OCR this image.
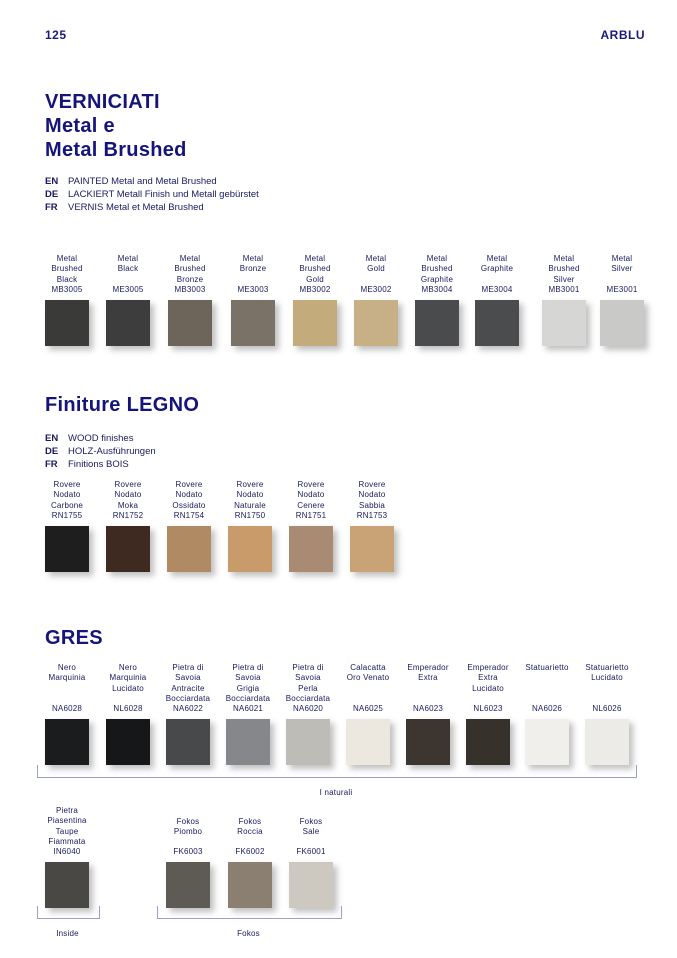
125	ARBLU
VERNICIATI
Metal e
Metal Brushed
EN PAINTED Metal and Metal Brushed
DE LACKIERT Metall Finish und Metall gebürstet
FR VERNIS Metal et Metal Brushed
Metal
Brushed
Black
MB3005
Metal
Black
ME3005
Metal
Brushed
Bronze
MB3003
Metal
Bronze
ME3003
Metal
Brushed
Gold
MB3002
Metal
Gold
ME3002
Metal
Brushed
Graphite
MB3004
Metal
Graphite
ME3004
Metal
Brushed
Silver
MB3001
Metal
Silver
ME3001
Finiture LEGNO
EN WOOD finishes
DE HOLZ-Ausführungen
FR Finitions BOIS
Rovere
Nodato
Carbone
RN1755
Rovere
Nodato
Moka
RN1752
Rovere
Nodato
Ossidato
RN1754
Rovere
Nodato
Naturale
RN1750
Rovere
Nodato
Cenere
RN1751
Rovere
Nodato
Sabbia
RN1753
GRES
Nero
Marquinia
NA6028
Nero
Marquinia
Lucidato
NL6028
Pietra di
Savoia
Antracite
Bocciardata
NA6022
Pietra di
Savoia
Grigia
Bocciardata
NA6021
Pietra di
Savoia
Perla
Bocciardata
NA6020
Calacatta
Oro Venato
NA6025
Emperador
Extra
NA6023
Emperador
Extra
Lucidato
NL6023
Statuarietto
NA6026
Statuarietto
Lucidato
NL6026
I naturali
Pietra
Piasentina
Taupe
Fiammata
IN6040
Inside
Fokos
Piombo
FK6003
Fokos
Roccia
FK6002
Fokos
Sale
FK6001
Fokos
